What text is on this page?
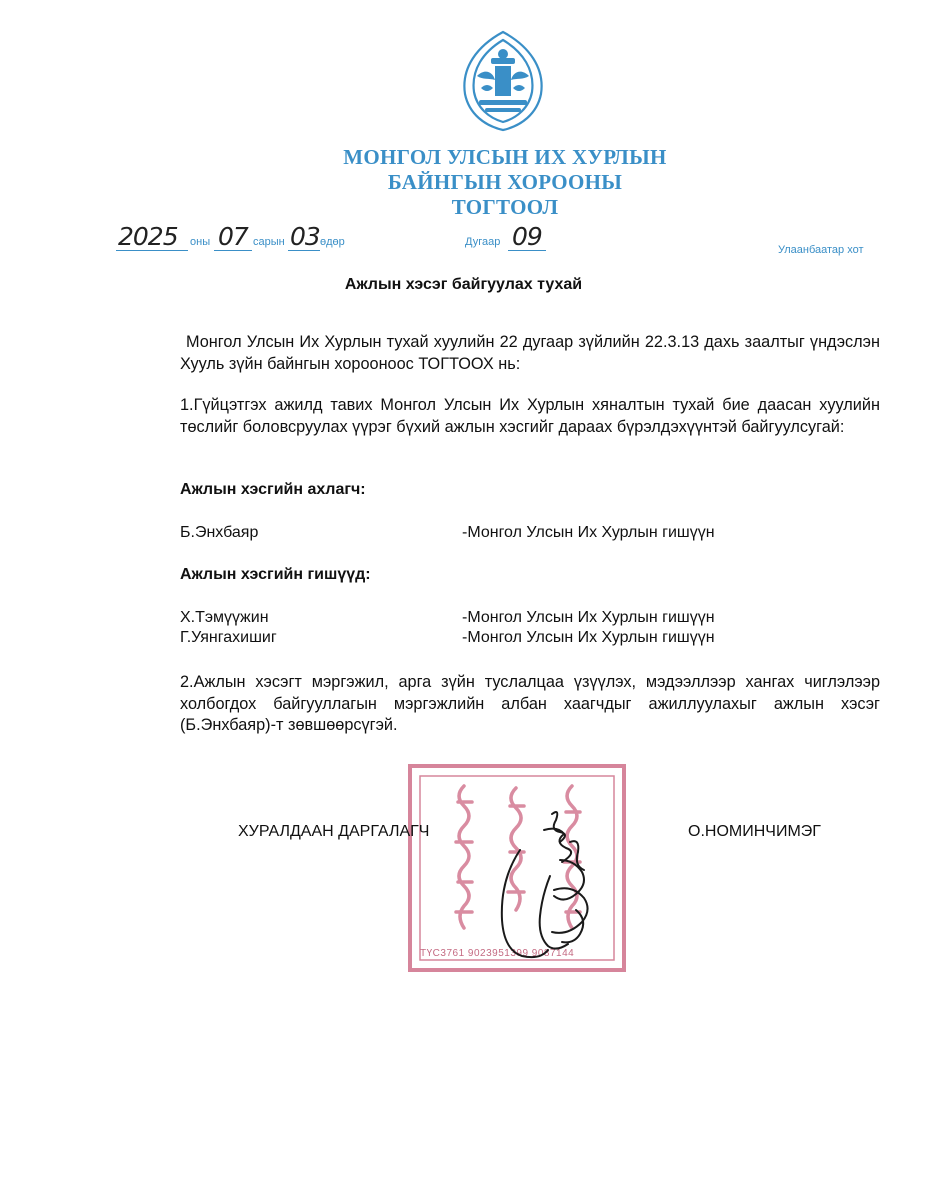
МОНГОЛ УЛСЫН ИХ ХУРЛЫН
БАЙНГЫН ХОРООНЫ
ТОГТООЛ
2025 оны 07 сарын 03 өдөр	Дугаар 09	Улаанбаатар хот
Ажлын хэсэг байгуулах тухай
Монгол Улсын Их Хурлын тухай хуулийн 22 дугаар зүйлийн 22.3.13 дахь заалтыг үндэслэн Хууль зүйн байнгын хорооноос ТОГТООХ нь:
1.Гүйцэтгэх ажилд тавих Монгол Улсын Их Хурлын хяналтын тухай бие даасан хуулийн төслийг боловсруулах үүрэг бүхий ажлын хэсгийг дараах бүрэлдэхүүнтэй байгуулсугай:
Ажлын хэсгийн ахлагч:
Б.Энхбаяр	-Монгол Улсын Их Хурлын гишүүн
Ажлын хэсгийн гишүүд:
Х.Тэмүүжин	-Монгол Улсын Их Хурлын гишүүн
Г.Уянгахишиг	-Монгол Улсын Их Хурлын гишүүн
2.Ажлын хэсэгт мэргэжил, арга зүйн туслалцаа үзүүлэх, мэдээллээр хангах чиглэлээр холбогдох байгууллагын мэргэжлийн албан хаагчдыг ажиллуулахыг ажлын хэсэг (Б.Энхбаяр)-т зөвшөөрсүгэй.
ТҮС3761 9023951399 9087144
ХУРАЛДААН ДАРГАЛАГЧ	О.НОМИНЧИМЭГ
